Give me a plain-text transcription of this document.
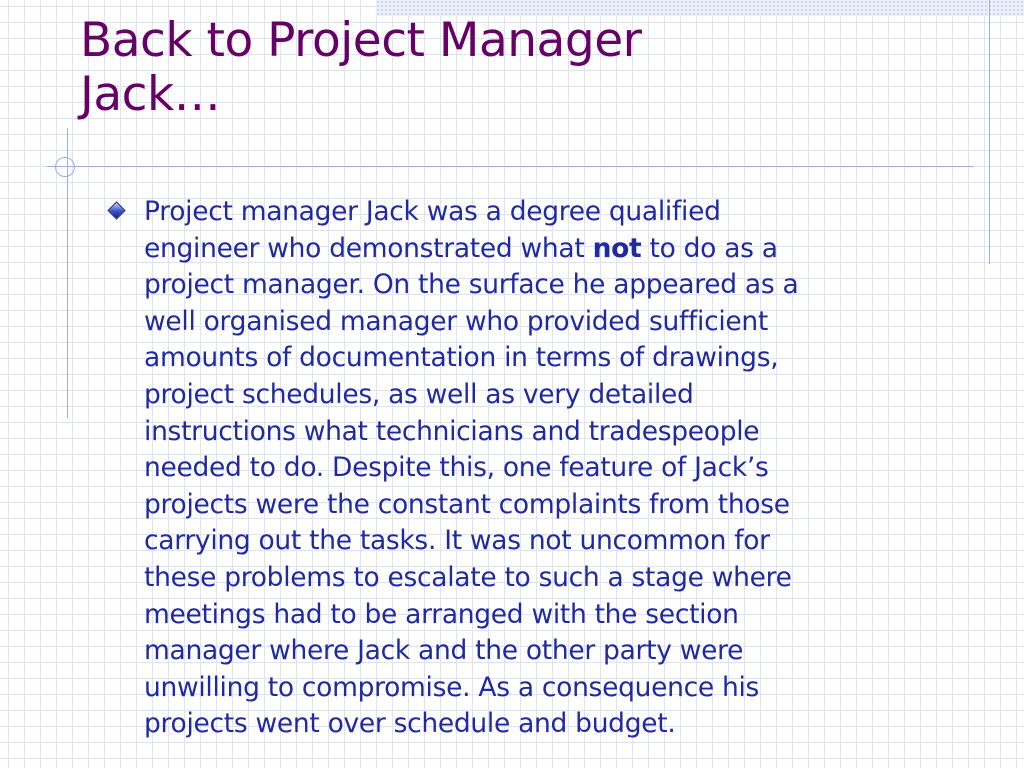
Back to Project Manager
Jack…
Project manager Jack was a degree qualified
engineer who demonstrated what not to do as a
project manager. On the surface he appeared as a
well organised manager who provided sufficient
amounts of documentation in terms of drawings,
project schedules, as well as very detailed
instructions what technicians and tradespeople
needed to do. Despite this, one feature of Jack’s
projects were the constant complaints from those
carrying out the tasks. It was not uncommon for
these problems to escalate to such a stage where
meetings had to be arranged with the section
manager where Jack and the other party were
unwilling to compromise. As a consequence his
projects went over schedule and budget.
